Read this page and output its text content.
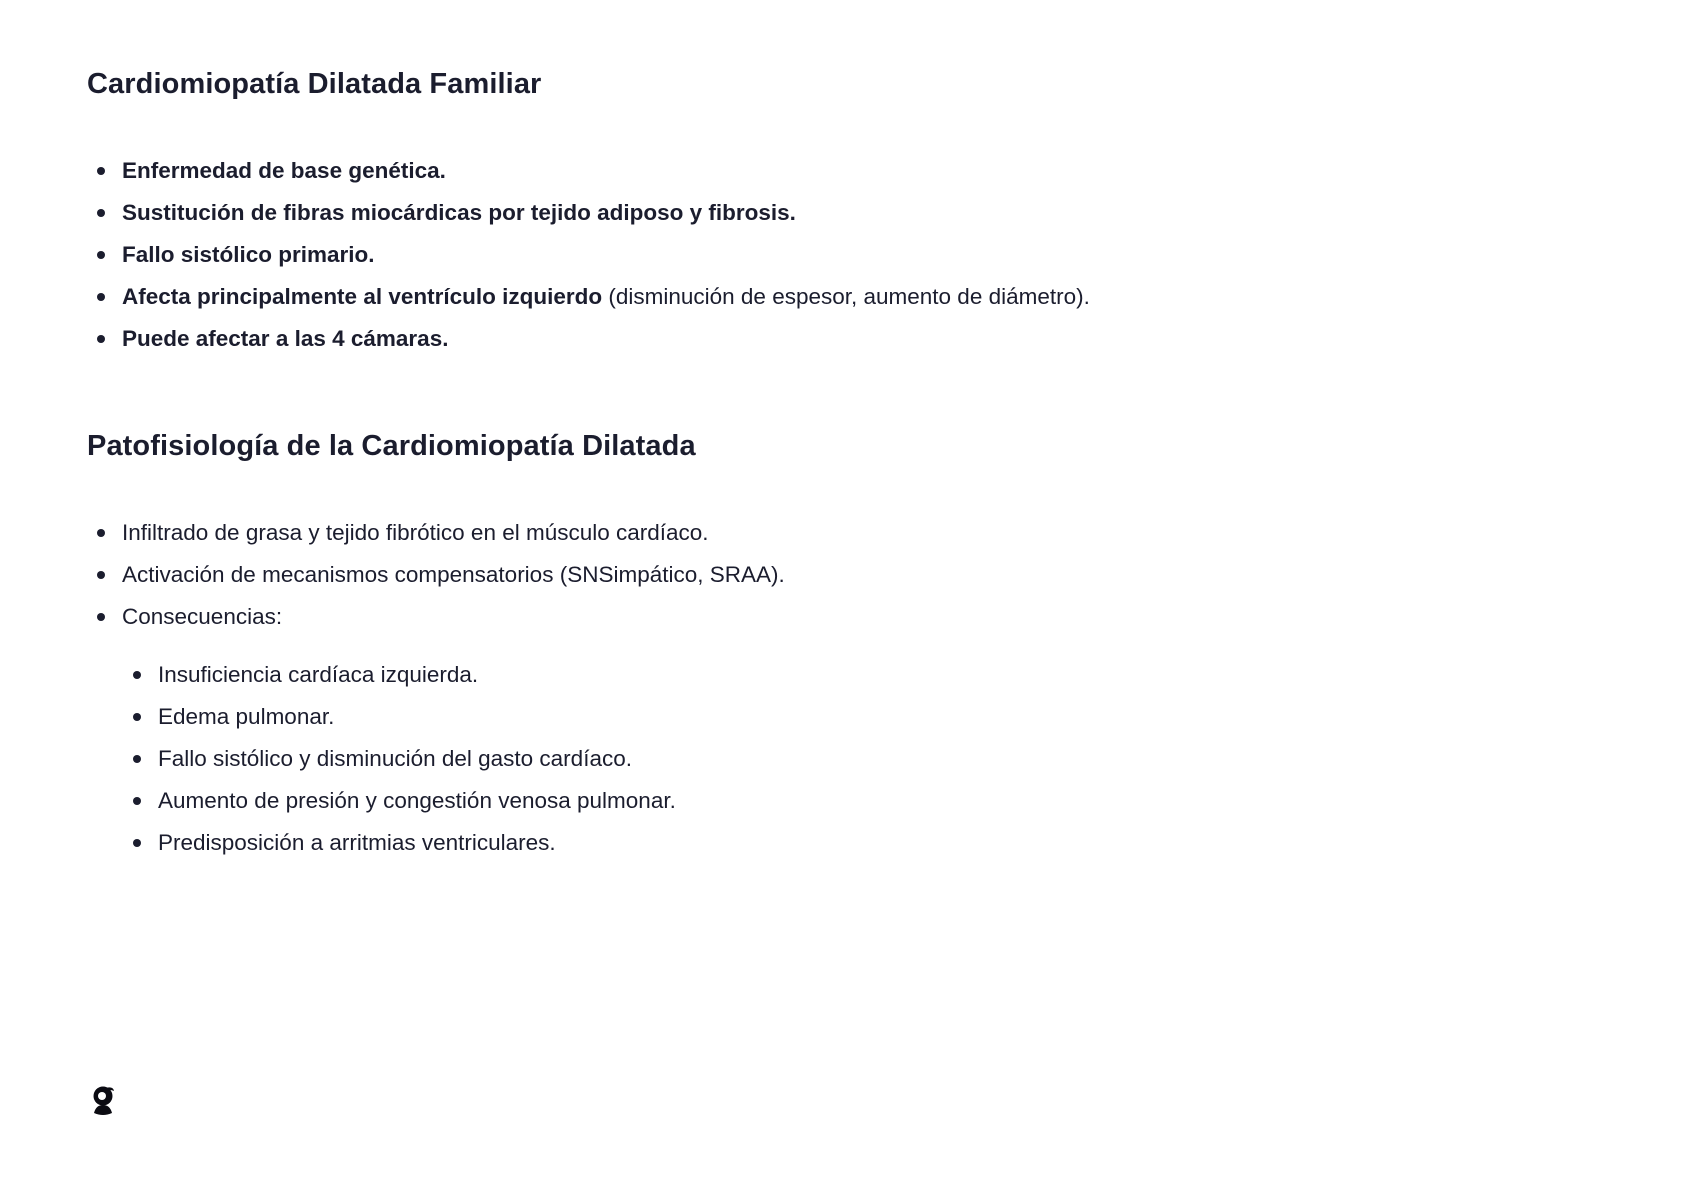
Cardiomiopatía Dilatada Familiar
Enfermedad de base genética.
Sustitución de fibras miocárdicas por tejido adiposo y fibrosis.
Fallo sistólico primario.
Afecta principalmente al ventrículo izquierdo (disminución de espesor, aumento de diámetro).
Puede afectar a las 4 cámaras.
Patofisiología de la Cardiomiopatía Dilatada
Infiltrado de grasa y tejido fibrótico en el músculo cardíaco.
Activación de mecanismos compensatorios (SNSimpático, SRAA).
Consecuencias:
Insuficiencia cardíaca izquierda.
Edema pulmonar.
Fallo sistólico y disminución del gasto cardíaco.
Aumento de presión y congestión venosa pulmonar.
Predisposición a arritmias ventriculares.
